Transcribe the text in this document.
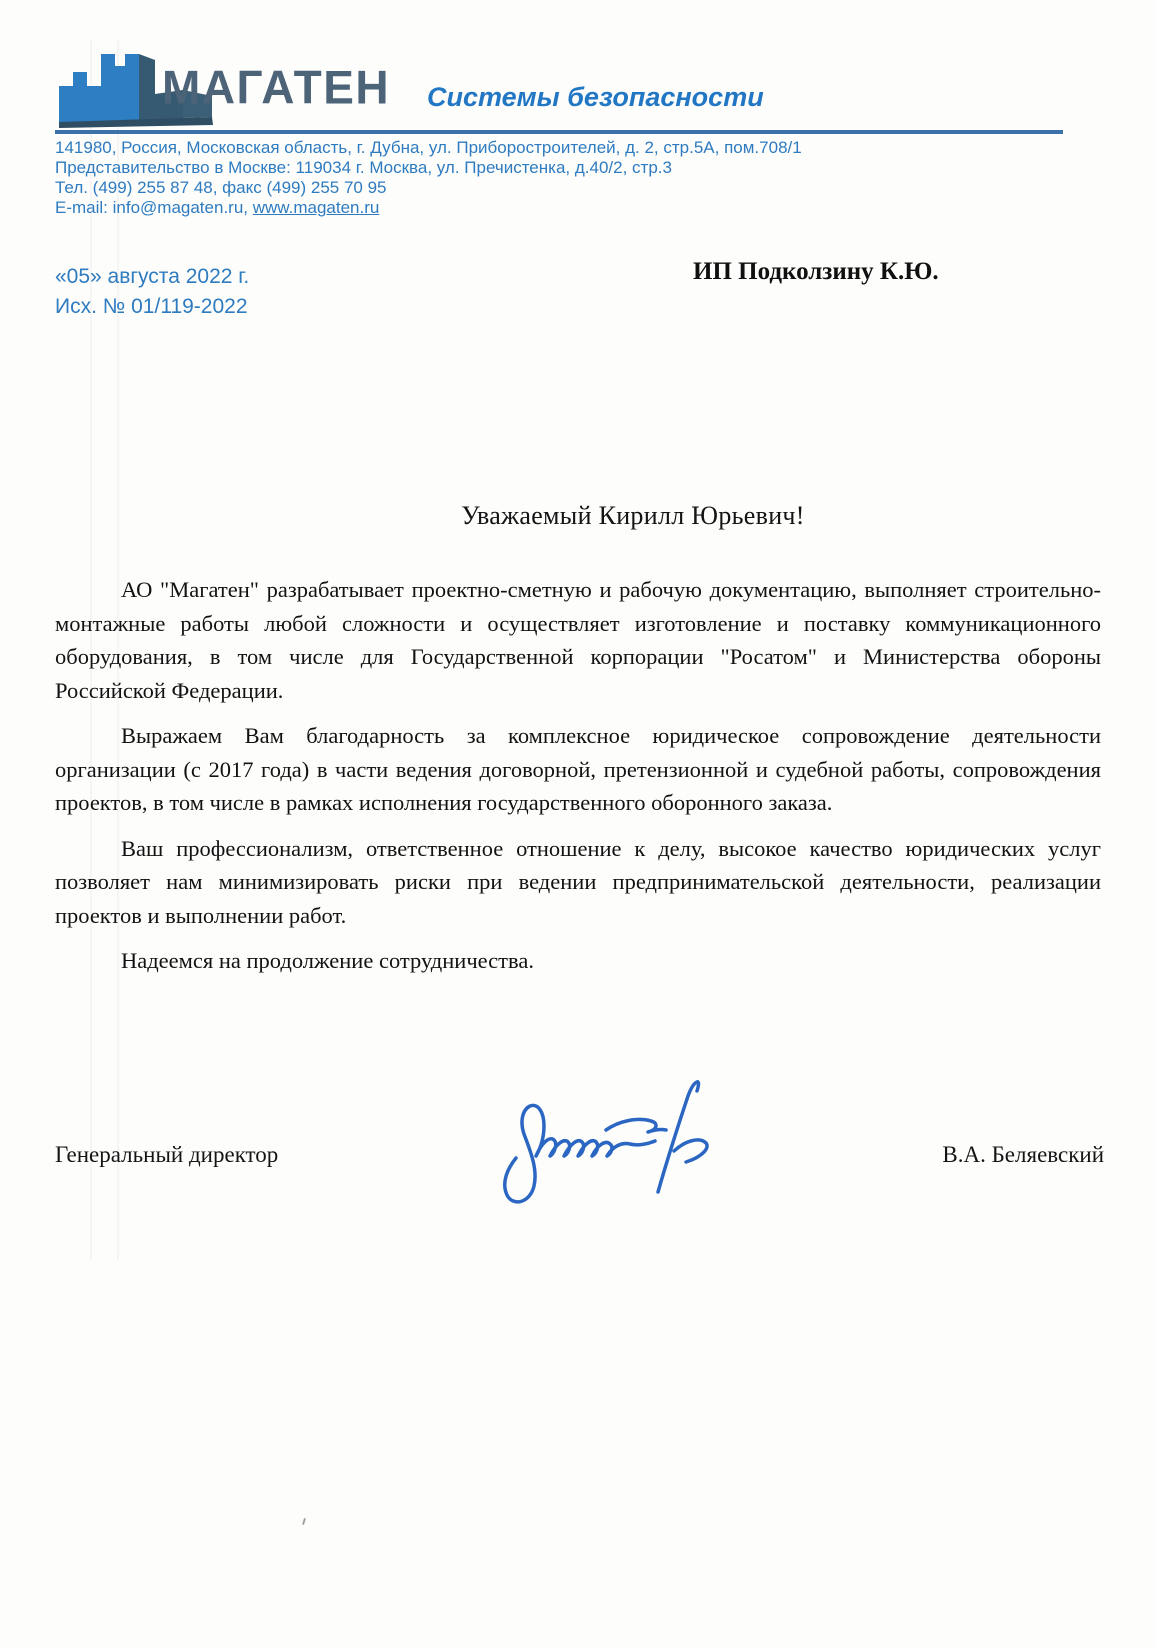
МАГАТЕН Системы безопасности
141980, Россия, Московская область, г. Дубна, ул. Приборостроителей, д. 2, стр.5А, пом.708/1
Представительство в Москве: 119034 г. Москва, ул. Пречистенка, д.40/2, стр.3
Тел. (499) 255 87 48, факс (499) 255 70 95
E-mail: info@magaten.ru, www.magaten.ru
«05» августа 2022 г.
Исх. № 01/119-2022
ИП Подколзину К.Ю.
Уважаемый Кирилл Юрьевич!

АО "Магатен" разрабатывает проектно-сметную и рабочую документацию, выполняет строительно-монтажные работы любой сложности и осуществляет изготовление и поставку коммуникационного оборудования, в том числе для Государственной корпорации "Росатом" и Министерства обороны Российской Федерации.

Выражаем Вам благодарность за комплексное юридическое сопровождение деятельности организации (с 2017 года) в части ведения договорной, претензионной и судебной работы, сопровождения проектов, в том числе в рамках исполнения государственного оборонного заказа.

Ваш профессионализм, ответственное отношение к делу, высокое качество юридических услуг позволяет нам минимизировать риски при ведении предпринимательской деятельности, реализации проектов и выполнении работ.

Надеемся на продолжение сотрудничества.

Генеральный директор	В.А. Беляевский
